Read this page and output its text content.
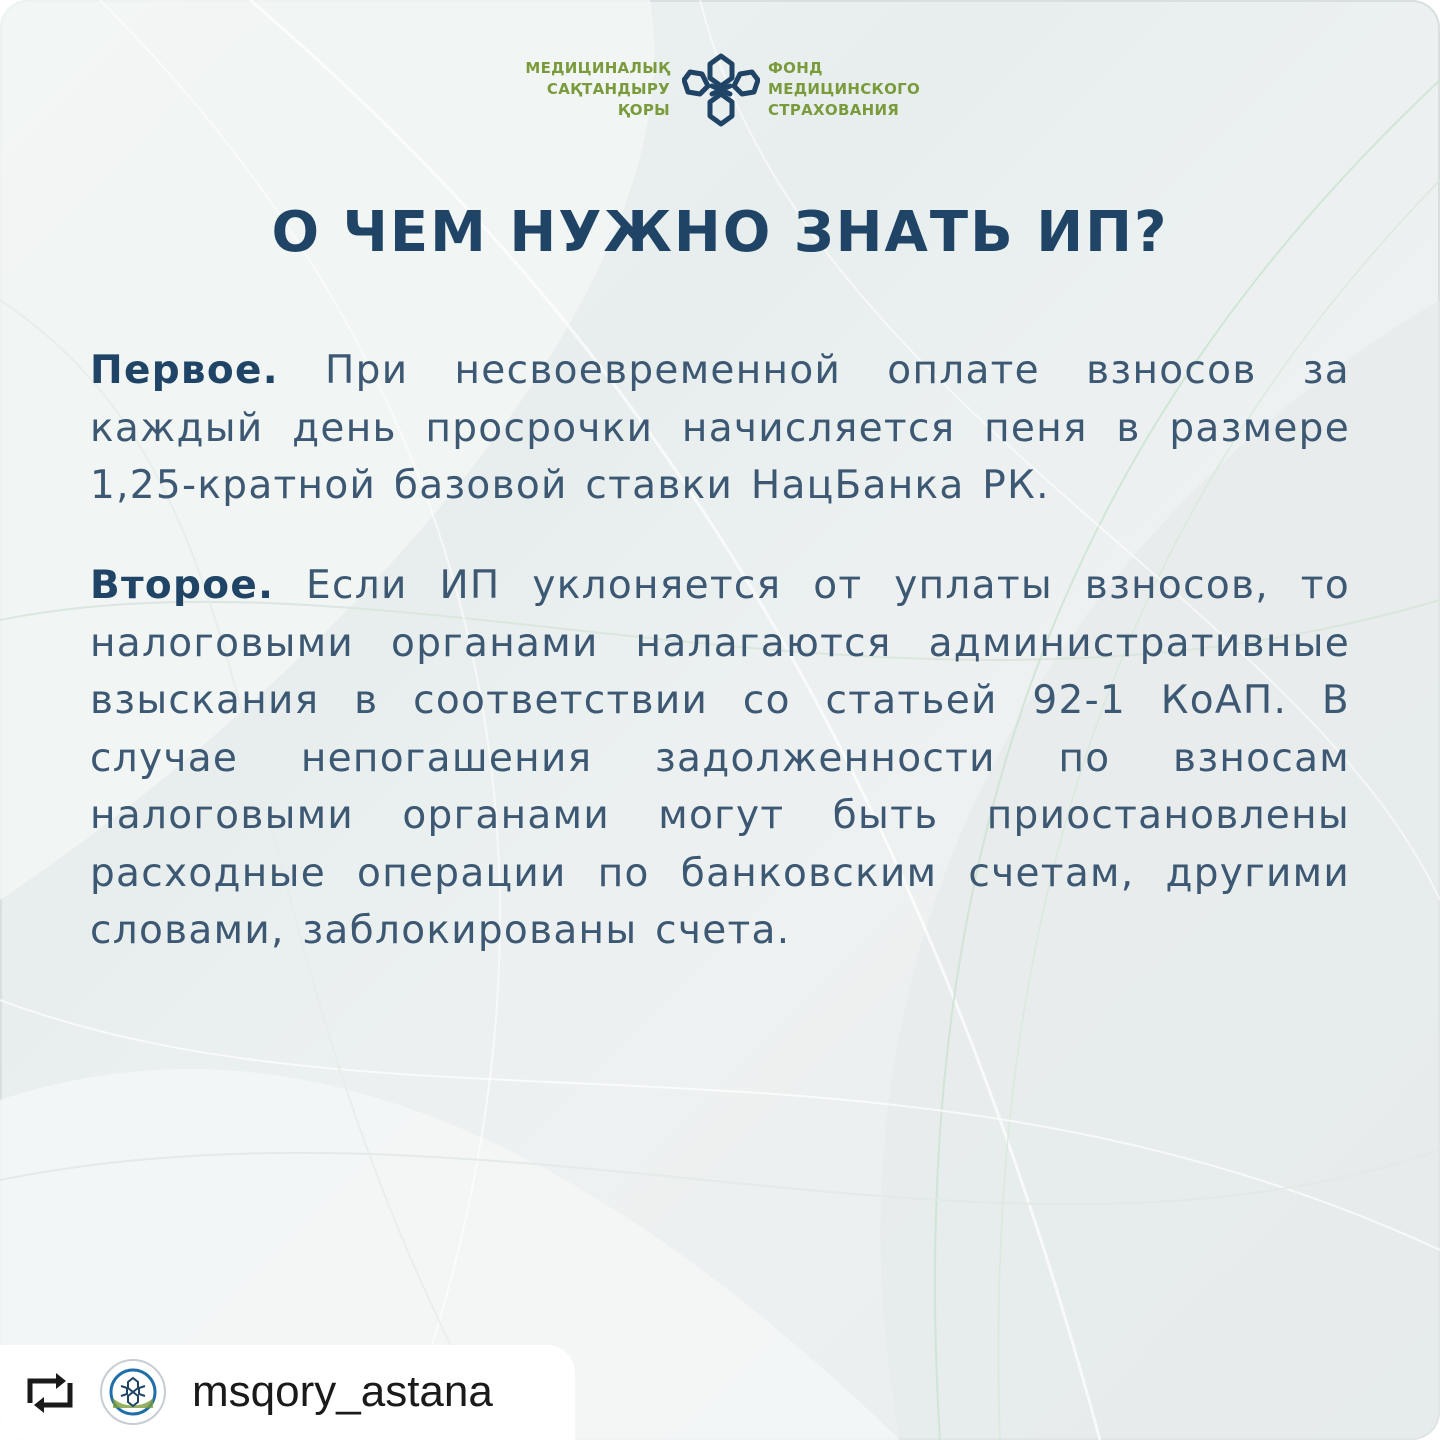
МЕДИЦИНАЛЫҚ
САҚТАНДЫРУ
ҚОРЫ
ФОНД
МЕДИЦИНСКОГО
СТРАХОВАНИЯ
О ЧЕМ НУЖНО ЗНАТЬ ИП?
Первое. При несвоевременной оплате взносов за каждый день просрочки начисляется пеня в размере 1,25-кратной базовой ставки НацБанка РК.
Второе. Если ИП уклоняется от уплаты взносов, то налоговыми органами налагаются административные взыскания в соответствии со статьей 92-1 КоАП. В случае непогашения задолженности по взносам налоговыми органами могут быть приостановлены расходные операции по банковским счетам, другими словами, заблокированы счета.
msqory_astana
